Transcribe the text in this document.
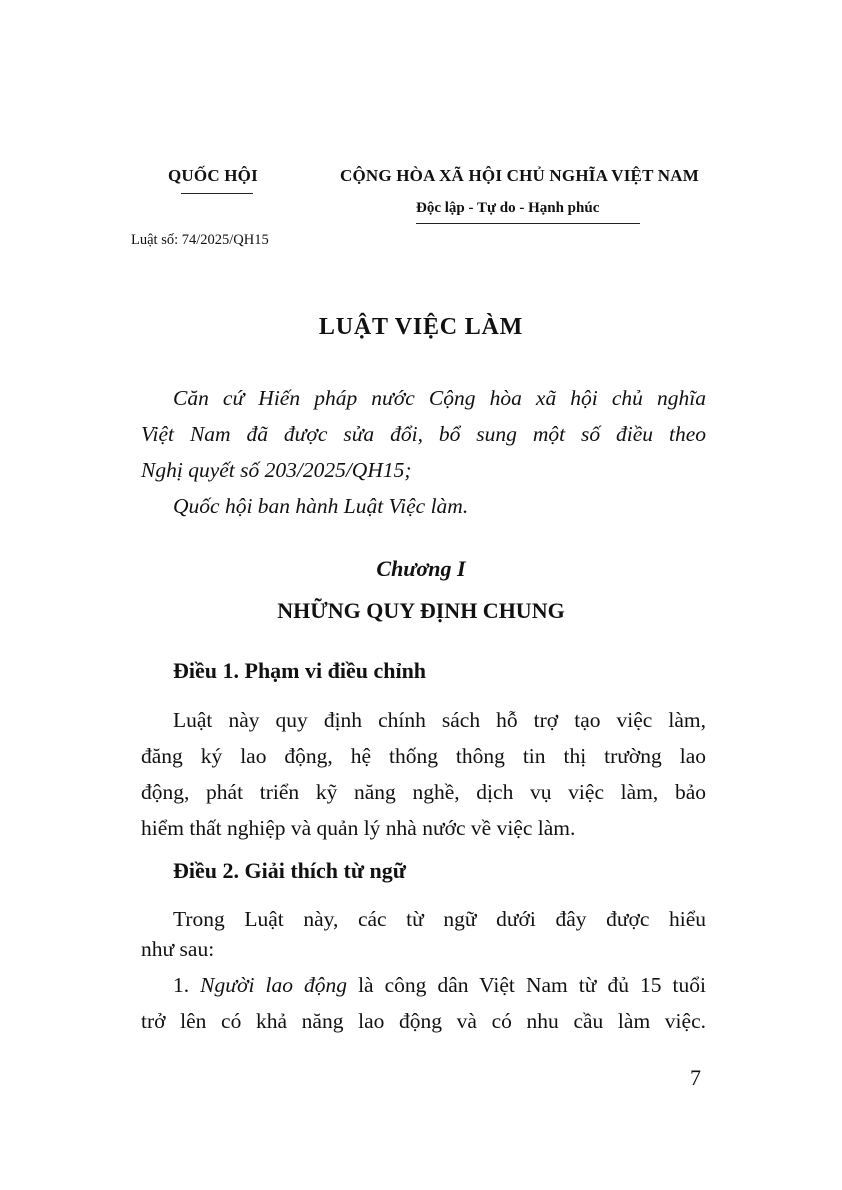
QUỐC HỘI	CỘNG HÒA XÃ HỘI CHỦ NGHĨA VIỆT NAM
Độc lập - Tự do - Hạnh phúc
Luật số: 74/2025/QH15
LUẬT VIỆC LÀM

Căn cứ Hiến pháp nước Cộng hòa xã hội chủ nghĩa

Việt Nam đã được sửa đổi, bổ sung một số điều theo

Nghị quyết số 203/2025/QH15;

Quốc hội ban hành Luật Việc làm.

Chương I
NHỮNG QUY ĐỊNH CHUNG
Điều 1. Phạm vi điều chỉnh

Luật này quy định chính sách hỗ trợ tạo việc làm,

đăng ký lao động, hệ thống thông tin thị trường lao

động, phát triển kỹ năng nghề, dịch vụ việc làm, bảo

hiểm thất nghiệp và quản lý nhà nước về việc làm.

Điều 2. Giải thích từ ngữ

Trong Luật này, các từ ngữ dưới đây được hiểu

như sau:

1. Người lao động là công dân Việt Nam từ đủ 15 tuổi

trở lên có khả năng lao động và có nhu cầu làm việc.

7
